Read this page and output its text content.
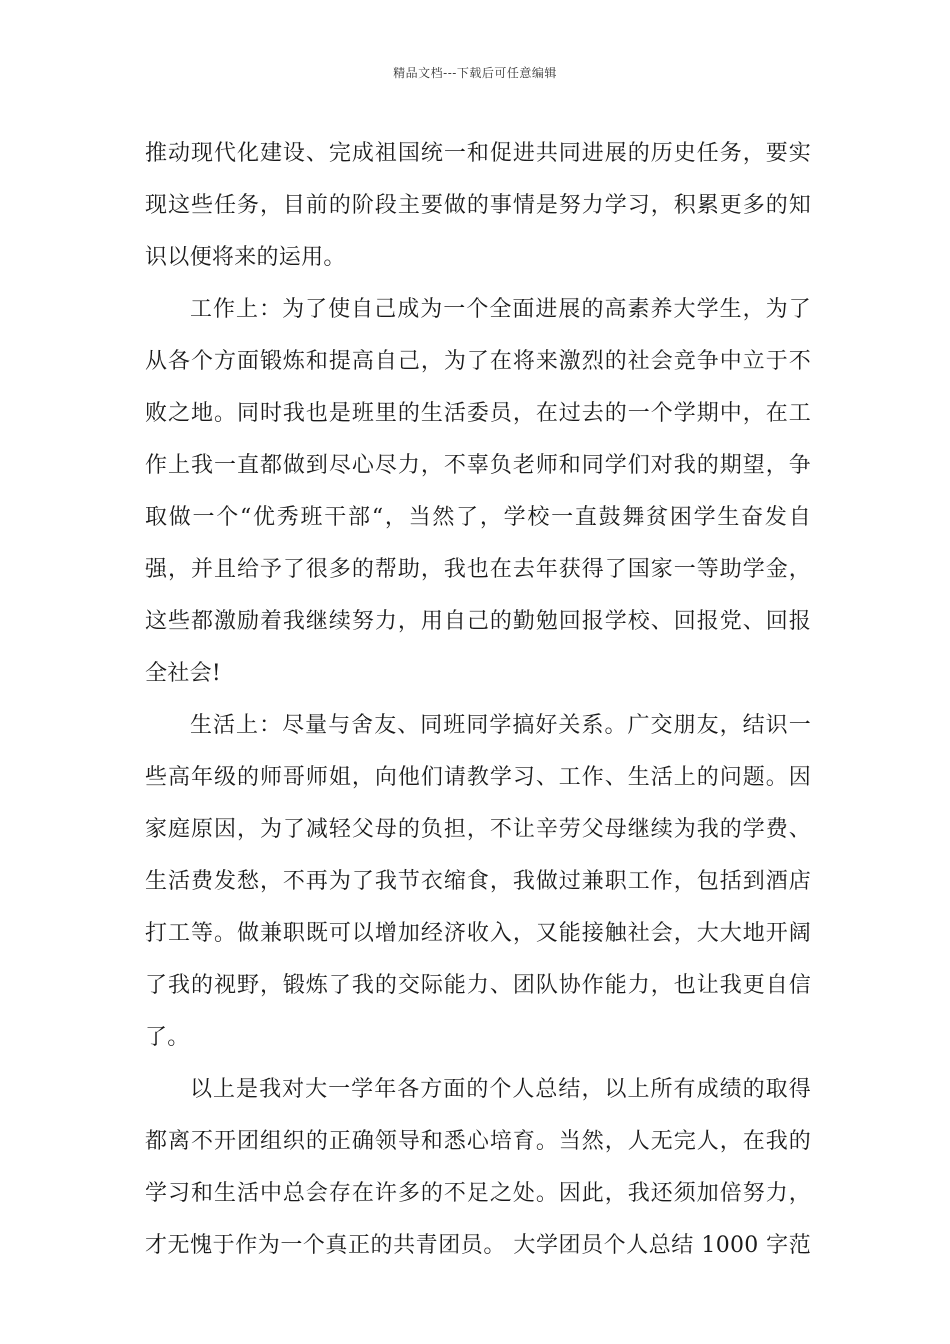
精品文档---下载后可任意编辑
推动现代化建设、完成祖国统一和促进共同进展的历史任务，要实
现这些任务，目前的阶段主要做的事情是努力学习，积累更多的知
识以便将来的运用。
工作上：为了使自己成为一个全面进展的高素养大学生，为了
从各个方面锻炼和提高自己，为了在将来激烈的社会竞争中立于不
败之地。同时我也是班里的生活委员，在过去的一个学期中，在工
作上我一直都做到尽心尽力，不辜负老师和同学们对我的期望，争
取做一个“优秀班干部“，当然了，学校一直鼓舞贫困学生奋发自
强，并且给予了很多的帮助，我也在去年获得了国家一等助学金，
这些都激励着我继续努力，用自己的勤勉回报学校、回报党、回报
全社会!
生活上：尽量与舍友、同班同学搞好关系。广交朋友，结识一
些高年级的师哥师姐，向他们请教学习、工作、生活上的问题。因
家庭原因，为了减轻父母的负担，不让辛劳父母继续为我的学费、
生活费发愁，不再为了我节衣缩食，我做过兼职工作，包括到酒店
打工等。做兼职既可以增加经济收入，又能接触社会，大大地开阔
了我的视野，锻炼了我的交际能力、团队协作能力，也让我更自信
了。
以上是我对大一学年各方面的个人总结，以上所有成绩的取得
都离不开团组织的正确领导和悉心培育。当然，人无完人，在我的
学习和生活中总会存在许多的不足之处。因此，我还须加倍努力，
才无愧于作为一个真正的共青团员。 大学团员个人总结 1000 字范
